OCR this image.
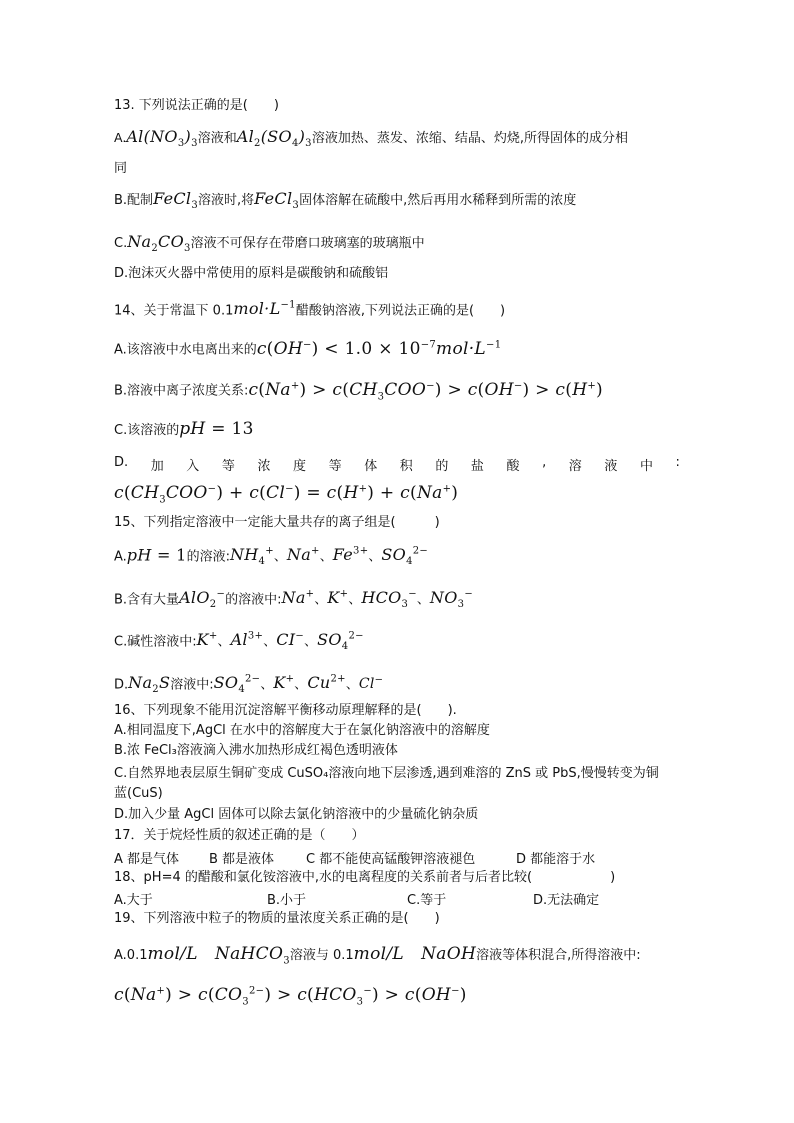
13. 下列说法正确的是(　　)
$A.Al(NO_3)_3$溶液和$Al_2(SO_4)_3$溶液加热、蒸发、浓缩、结晶、灼烧,所得固体的成分相
同
B.配制FeCl$_3$溶液时,将FeCl$_3$固体溶解在硫酸中,然后再用水稀释到所需的浓度
$C.Na_2CO_3$溶液不可保存在带磨口玻璃塞的玻璃瓶中
D.泡沫灭火器中常使用的原料是碳酸钠和硫酸铝
14、关于常温下 $0.1mol\cdot L^{-1}$醋酸钠溶液,下列说法正确的是(　　)
A.该溶液中水电离出来的$c(OH^-) < 1.0 \times 10^{-7}mol\cdot L^{-1}$
B.溶液中离子浓度关系:c(Na+) > $c(CH_3COO^-) > c(OH^-) > c(H^+)$
C.该溶液的pH = 13
D. 加 入 等 浓 度 等 体 积 的 盐 酸 , 溶 液 中 :
$c(CH_3COO^-) + c(Cl^-) = c(H^+) + c(Na^+)$
15、下列指定溶液中一定能大量共存的离子组是(　　　)
A.pH = 1的溶液$:NH_4^+$、Na+、$Fe^{3+}$、$SO_4^{2-}$
B.含有大量AlO$_2$−的溶液中:Na+、K+、$HCO_3^-$、$NO_3^-$
C.碱性溶液中:K+、$Al^{3+}$、CI−、$SO_4^{2-}$
$D.Na_2S$溶液中$:SO_4^{2-}$、K+、$Cu^{2+}$、Cl−
16、下列现象不能用沉淀溶解平衡移动原理解释的是(　　).
A.相同温度下,AgCl 在水中的溶解度大于在氯化钠溶液中的溶解度
B.浓 FeCl₃溶液滴入沸水加热形成红褐色透明液体
C.自然界地表层原生铜矿变成 CuSO₄溶液向地下层渗透,遇到难溶的 ZnS 或 PbS,慢慢转变为铜
蓝(CuS)
D.加入少量 AgCl 固体可以除去氯化钠溶液中的少量硫化钠杂质
17．关于烷烃性质的叙述正确的是（　　）
A 都是气体 B 都是液体 C 都不能使高锰酸钾溶液褪色	D 都能溶于水
18、pH=4 的醋酸和氯化铵溶液中,水的电离程度的关系前者与后者比较(　　　　　　)
A.大于	B.小于	C.等于	D.无法确定
19、下列溶液中粒子的物质的量浓度关系正确的是(　　)
A.0.1mol/L   NaHCO$_3$溶液与 0.1mol/L   NaOH溶液等体积混合,所得溶液中:
$c(Na^+) > c(CO_3^{2-}) > c(HCO_3^-) > c(OH^-)$
